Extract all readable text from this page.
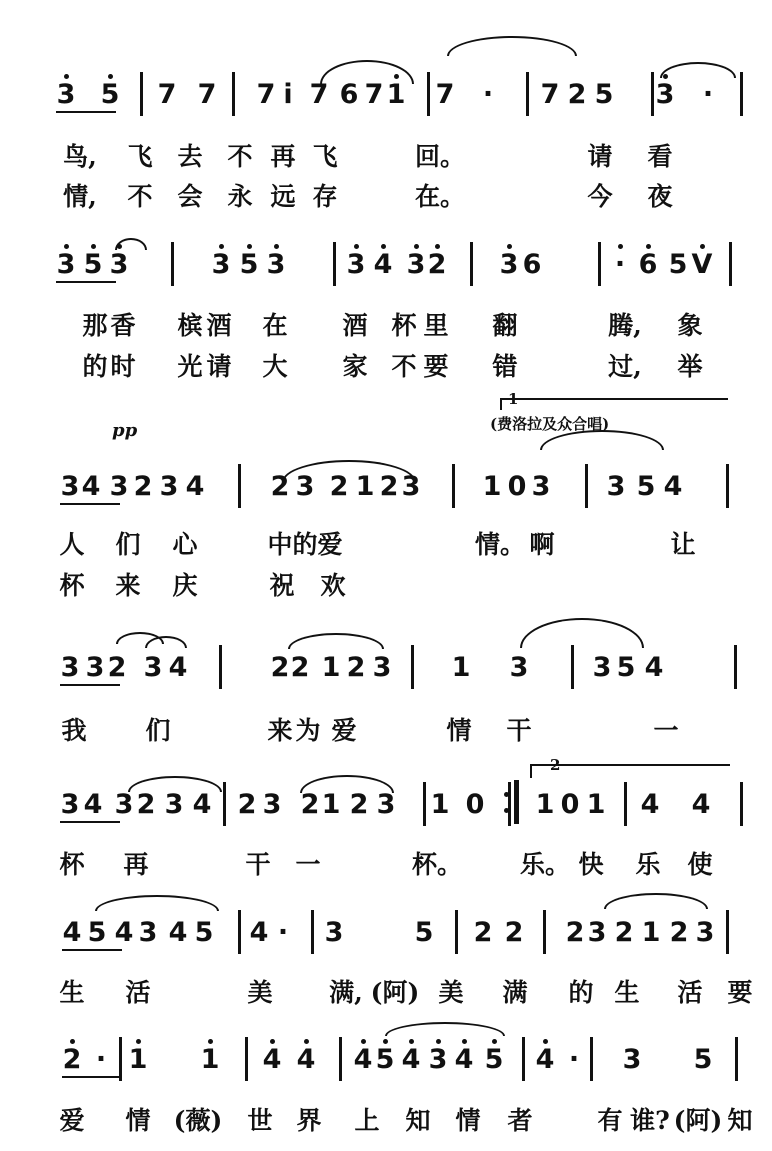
3 5 7 7 7 i 7 6 7 1 7 · 7 2 5 3 ·
鸟, 飞 去 不 再 飞	回。	请 看
情, 不 会 永 远 存	在。	今 夜
3 5 3	3 5 3 3 4 3 2 3 6	· 6 5 V
那 香 槟 酒 在 酒 杯 里 翻	腾, 象
的 时 光 请 大 家 不 要 错	过, 举
3 4 3 2 3 4 2 3 2 1 2 3 1 0 3 3 5 4
人 们 心	中 的 爱	情。 啊	让
杯 来 庆	祝 欢
3 3 2 3 4	2 2 1 2 3 1 3 3 5 4
我 们	来 为 爱	情 干	一
3 4 3 2 3 4 2 3 2 1 2 3 1 0 1 0 1 4 4
杯 再	干 一	杯。 乐。 快 乐 使
4 5 4 3 4 5 4 · 3	5 2 2 2 3 2 1 2 3
生 活	美 满, (阿) 美 满 的 生 活 要
2 · 1 1 4 4 4 5 4 3 4 5 4 · 3 5
爱 情 (薇) 世 界 上 知 情 者	有 谁? (阿) 知
1
(费洛拉及众合唱)
pp
2
